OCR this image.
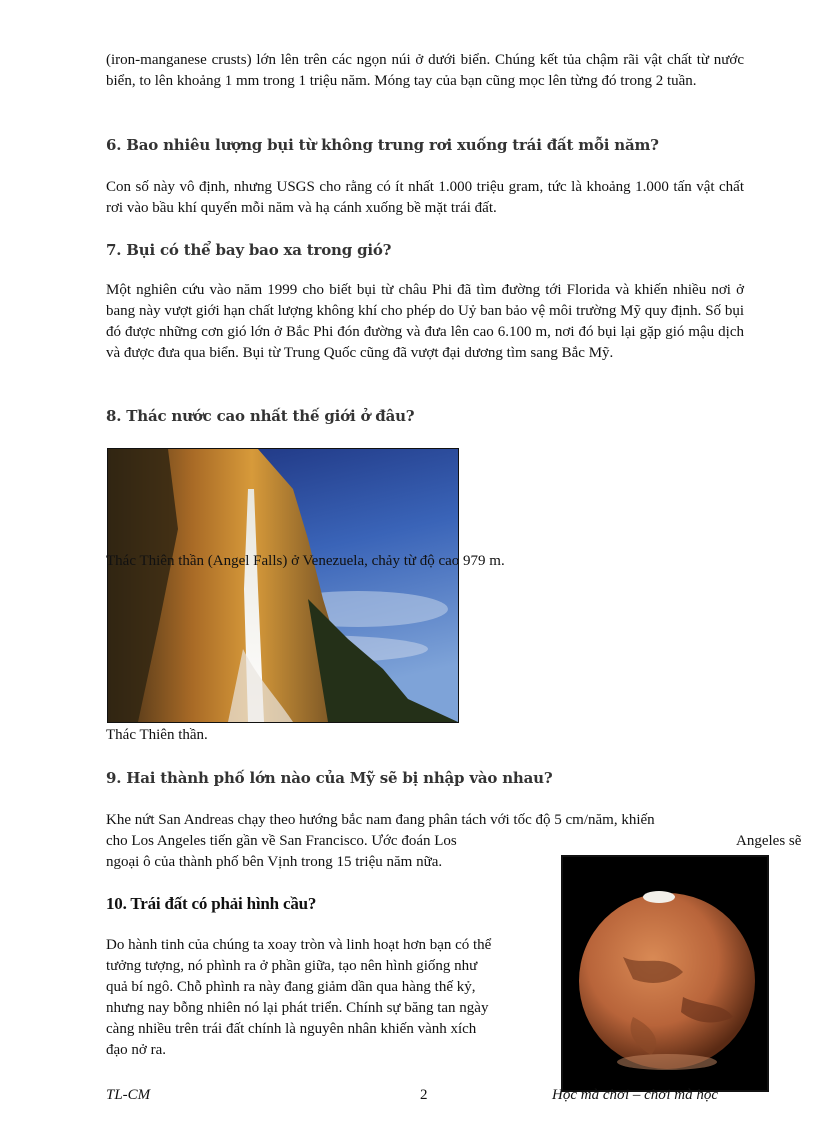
(iron-manganese crusts) lớn lên trên các ngọn núi ở dưới biển. Chúng kết tủa chậm rãi vật chất từ nước biển, to lên khoảng 1 mm trong 1 triệu năm. Móng tay của bạn cũng mọc lên từng đó trong 2 tuần.

6. Bao nhiêu lượng bụi từ không trung rơi xuống trái đất mỗi năm?

Con số này vô định, nhưng USGS cho rằng có ít nhất 1.000 triệu gram, tức là khoảng 1.000 tấn vật chất rơi vào bầu khí quyển mỗi năm và hạ cánh xuống bề mặt trái đất.

7. Bụi có thể bay bao xa trong gió?

Một nghiên cứu vào năm 1999 cho biết bụi từ châu Phi đã tìm đường tới Florida và khiến nhiều nơi ở bang này vượt giới hạn chất lượng không khí cho phép do Uỷ ban bảo vệ môi trường Mỹ quy định. Số bụi đó được những cơn gió lớn ở Bắc Phi đón đường và đưa lên cao 6.100 m, nơi đó bụi lại gặp gió mậu dịch và được đưa qua biển. Bụi từ Trung Quốc cũng đã vượt đại dương tìm sang Bắc Mỹ.

8. Thác nước cao nhất thế giới ở đâu?
Thác Thiên thần (Angel Falls) ở Venezuela, chảy từ độ cao 979 m.

Thác Thiên thần.

9. Hai thành phố lớn nào của Mỹ sẽ bị nhập vào nhau?
Khe nứt San Andreas chạy theo hướng bắc nam đang phân tách với tốc độ 5 cm/năm, khiến
cho Los Angeles tiến gần về San Francisco. Ước đoán Los	Angeles sẽ
ngoại ô của thành phố bên Vịnh trong 15 triệu năm nữa.
10. Trái đất có phải hình cầu?
Do hành tinh của chúng ta xoay tròn và linh hoạt hơn bạn có thể
tưởng tượng, nó phình ra ở phần giữa, tạo nên hình giống như
quả bí ngô. Chỗ phình ra này đang giảm dần qua hàng thế kỷ,
nhưng nay bỗng nhiên nó lại phát triển. Chính sự băng tan ngày
càng nhiều trên trái đất chính là nguyên nhân khiến vành xích
đạo nở ra.
TL-CM	2	Học mà chơi – chơi mà học
